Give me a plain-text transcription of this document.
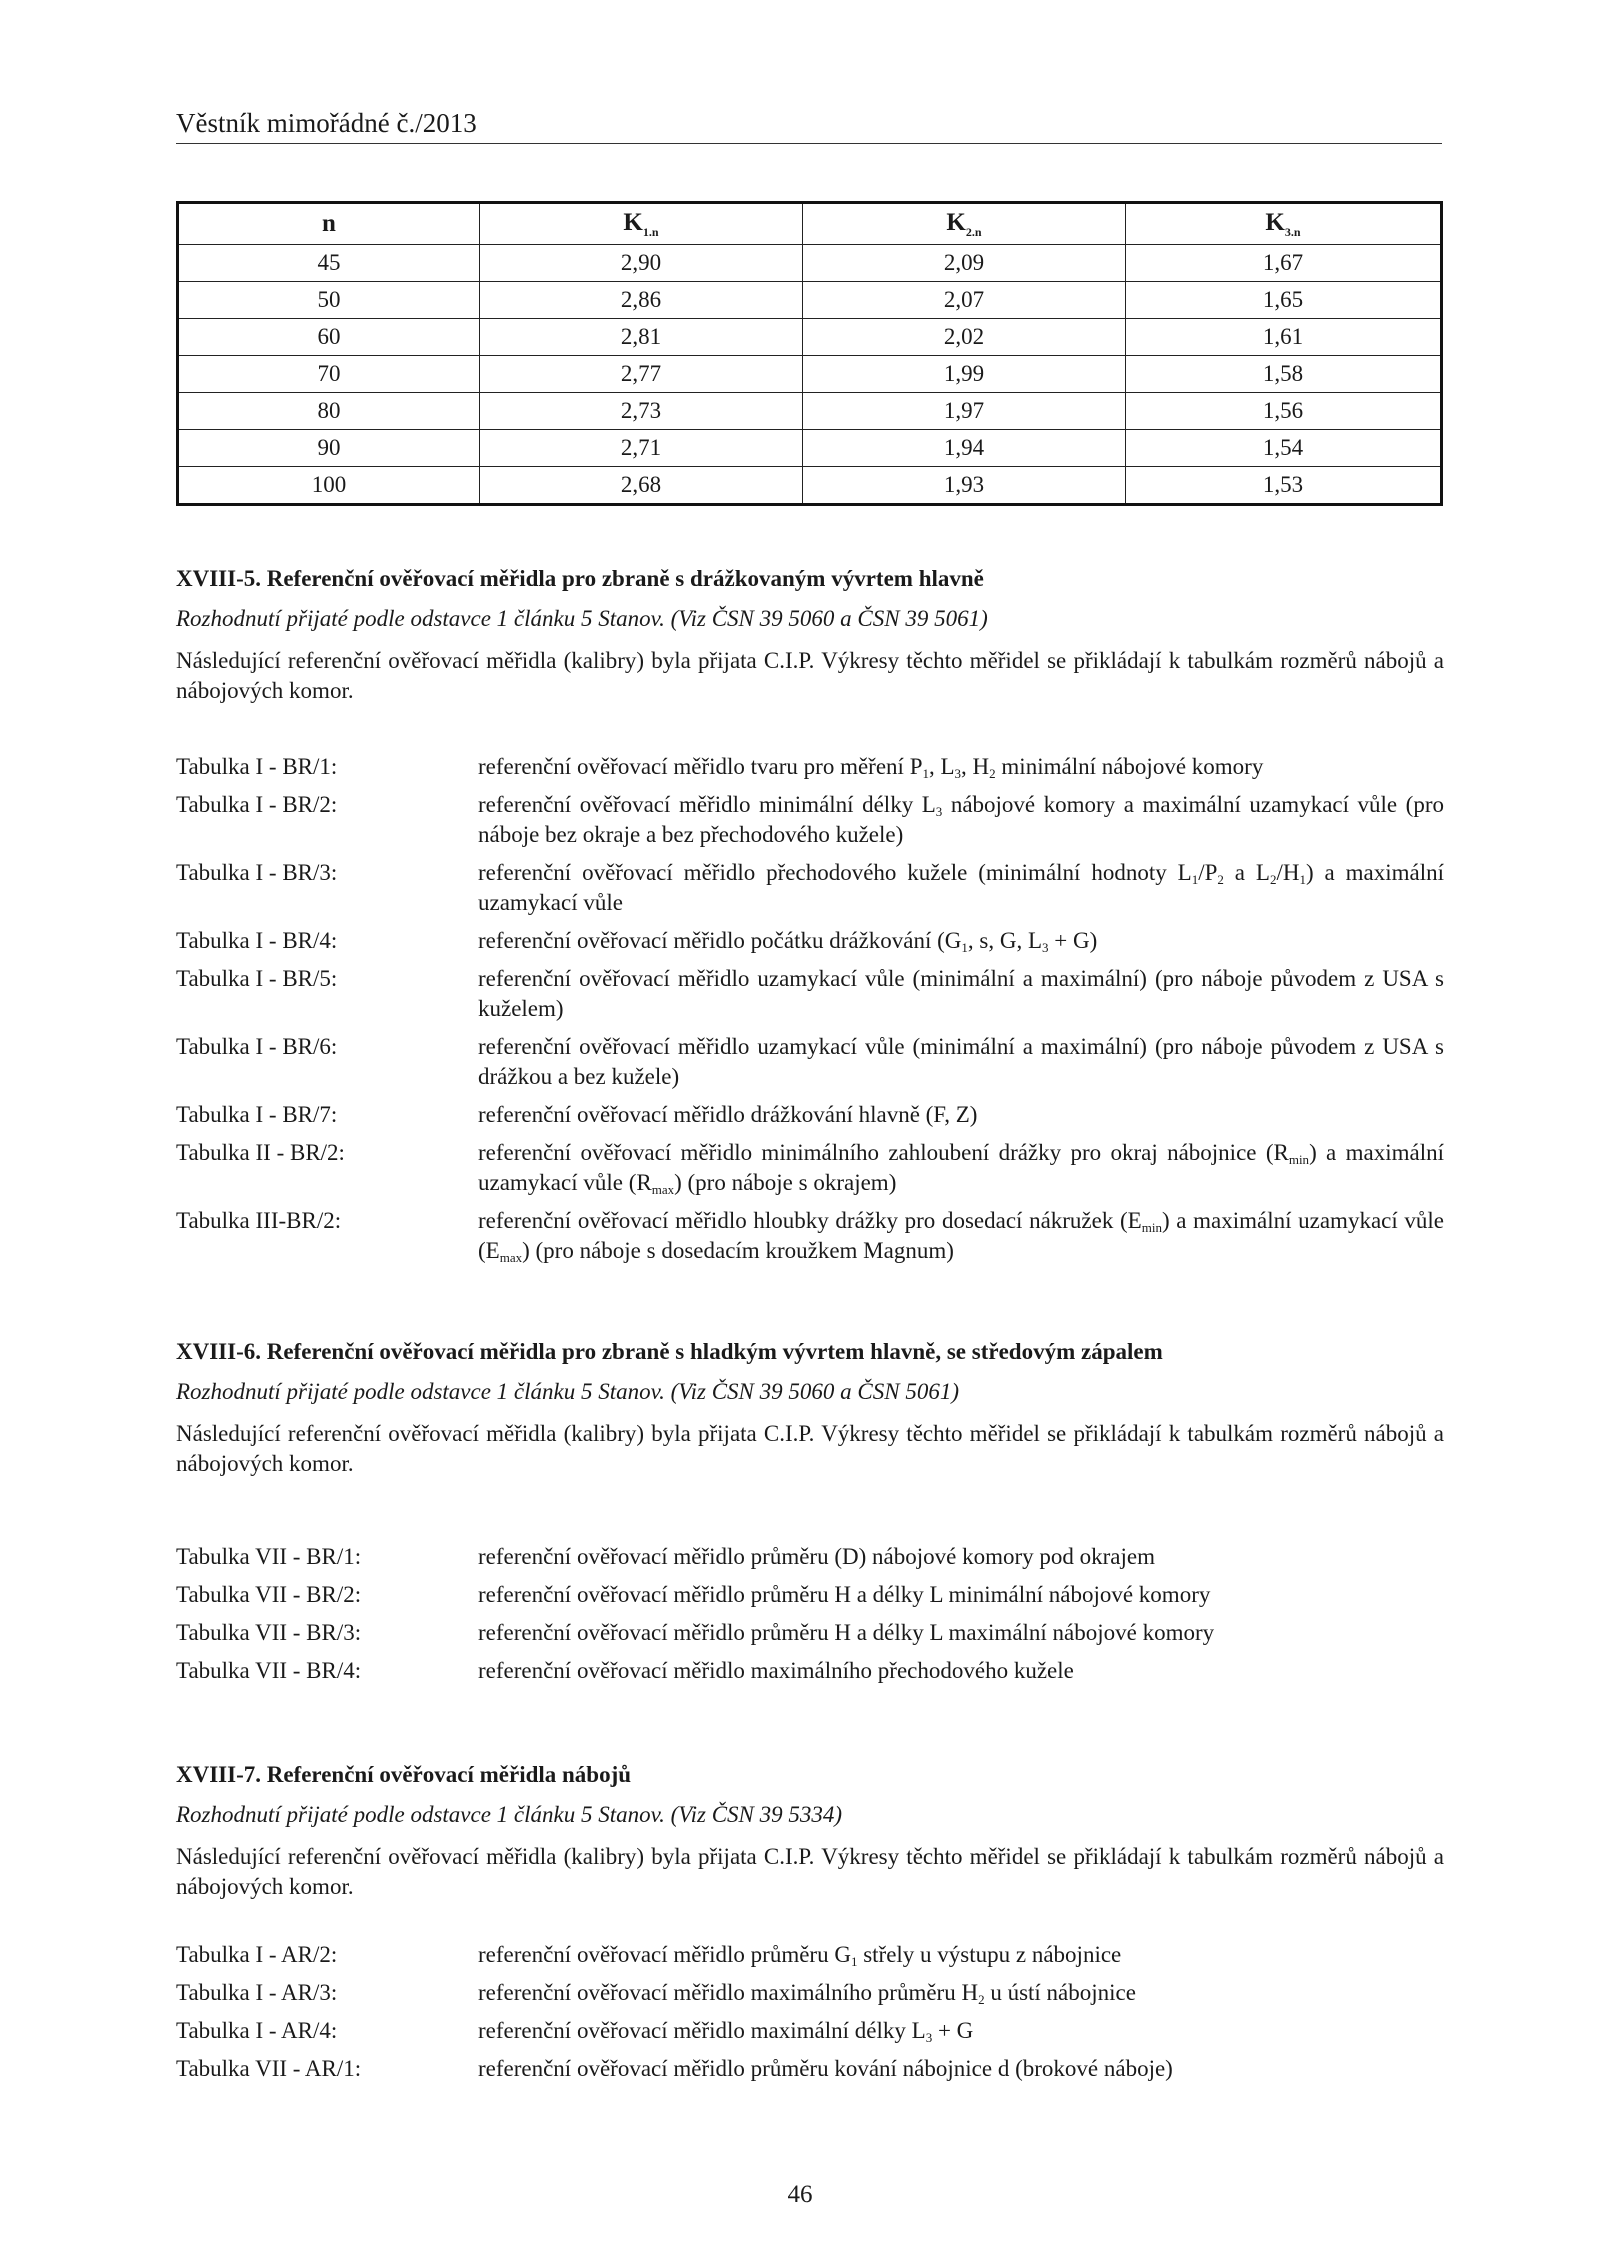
Věstník mimořádné č./2013
n	$K_{1.n}$	$K_{2.n}$	$K_{3.n}$
45	2,90	2,09	1,67
50	2,86	2,07	1,65
60	2,81	2,02	1,61
70	2,77	1,99	1,58
80	2,73	1,97	1,56
90	2,71	1,94	1,54
100	2,68	1,93	1,53
XVIII-5. Referenční ověřovací měřidla pro zbraně s drážkovaným vývrtem hlavně
Rozhodnutí přijaté podle odstavce 1 článku 5 Stanov. (Viz ČSN 39 5060 a ČSN 39 5061)

Následující referenční ověřovací měřidla (kalibry) byla přijata C.I.P. Výkresy těchto měřidel se přikládají k tabulkám rozměrů nábojů a nábojových komor.

Tabulka I - BR/1:	referenční ověřovací měřidlo tvaru pro měření $P_1$, $L_3$, $H_2$ minimální nábojové komory
Tabulka I - BR/2:	referenční ověřovací měřidlo minimální délky $L_3$ nábojové komory a maximální uzamykací vůle (pro náboje bez okraje a bez přechodového kužele)
Tabulka I - BR/3:	referenční ověřovací měřidlo přechodového kužele (minimální hodnoty $L_1/P_2$ a $L_2/H_1$) a maximální uzamykací vůle
Tabulka I - BR/4:	referenční ověřovací měřidlo počátku drážkování ($G_1$, s, G, $L_3 + G$)
Tabulka I - BR/5:	referenční ověřovací měřidlo uzamykací vůle (minimální a maximální) (pro náboje původem z USA s kuželem)
Tabulka I - BR/6:	referenční ověřovací měřidlo uzamykací vůle (minimální a maximální) (pro náboje původem z USA s drážkou a bez kužele)
Tabulka I - BR/7:	referenční ověřovací měřidlo drážkování hlavně (F, Z)
Tabulka II - BR/2:	referenční ověřovací měřidlo minimálního zahloubení drážky pro okraj nábojnice $(R_{min})$ a maximální uzamykací vůle $(R_{max})$ (pro náboje s okrajem)
Tabulka III-BR/2:	referenční ověřovací měřidlo hloubky drážky pro dosedací nákružek $(E_{min})$ a maximální uzamykací vůle $(E_{max})$ (pro náboje s dosedacím kroužkem Magnum)
XVIII-6. Referenční ověřovací měřidla pro zbraně s hladkým vývrtem hlavně, se středovým zápalem
Rozhodnutí přijaté podle odstavce 1 článku 5 Stanov. (Viz ČSN 39 5060 a ČSN 5061)

Následující referenční ověřovací měřidla (kalibry) byla přijata C.I.P. Výkresy těchto měřidel se přikládají k tabulkám rozměrů nábojů a nábojových komor.

Tabulka VII - BR/1:	referenční ověřovací měřidlo průměru (D) nábojové komory pod okrajem
Tabulka VII - BR/2:	referenční ověřovací měřidlo průměru H a délky L minimální nábojové komory
Tabulka VII - BR/3:	referenční ověřovací měřidlo průměru H a délky L maximální nábojové komory
Tabulka VII - BR/4:	referenční ověřovací měřidlo maximálního přechodového kužele
XVIII-7. Referenční ověřovací měřidla nábojů
Rozhodnutí přijaté podle odstavce 1 článku 5 Stanov. (Viz ČSN 39 5334)

Následující referenční ověřovací měřidla (kalibry) byla přijata C.I.P. Výkresy těchto měřidel se přikládají k tabulkám rozměrů nábojů a nábojových komor.

Tabulka I - AR/2:	referenční ověřovací měřidlo průměru $G_1$ střely u výstupu z nábojnice
Tabulka I - AR/3:	referenční ověřovací měřidlo maximálního průměru $H_2$ u ústí nábojnice
Tabulka I - AR/4:	referenční ověřovací měřidlo maximální délky $L_3 + G$
Tabulka VII - AR/1:	referenční ověřovací měřidlo průměru kování nábojnice d (brokové náboje)
46
